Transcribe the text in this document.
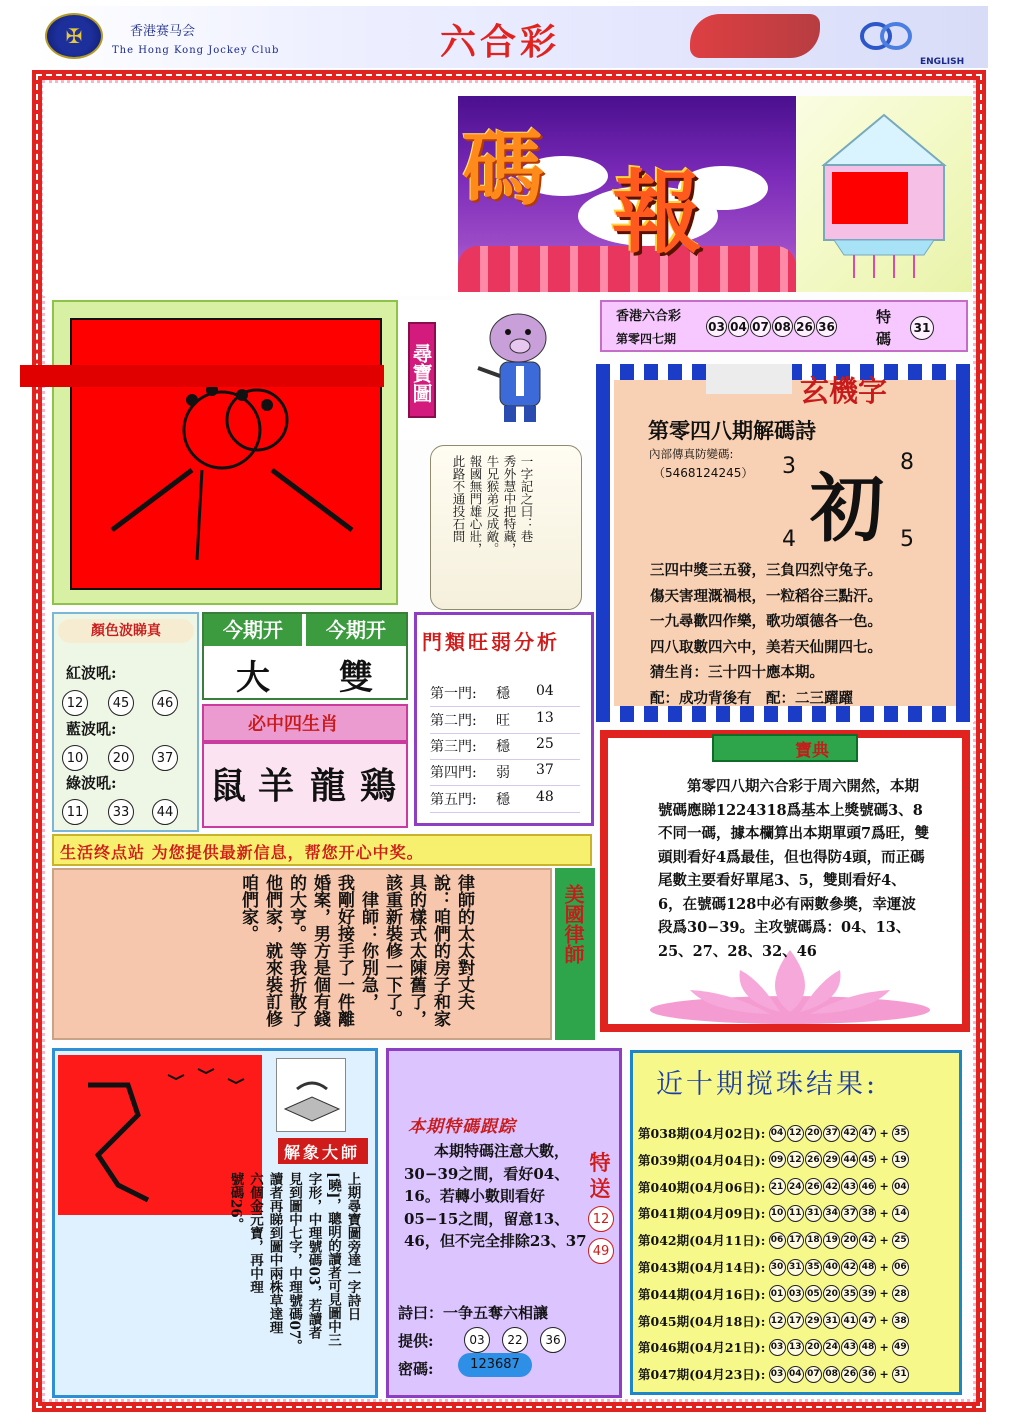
✠	香港赛马会
The Hong Kong Jockey Club	六合彩	ENGLISH
碼 報
尋寶圖
一字記之曰：巷
秀外慧中把特藏，
牛兄猴弟反成敵。
報國無門雄心壯，
此路不通投石問
香港六合彩
第零四七期
03 04 07 08 26 36
特碼
31
玄機字
第零四八期解碼詩
內部傳真防變碼:
（5468124245） 初
3	8
4	5
三四中獎三五發，三負四烈守兔子。
傷天害理溉禍根，一粒稻谷三點汗。
一九尋歡四作樂，歌功頌德各一色。
四八取數四六中，美若天仙開四七。
猜生肖：三十四十應本期。
配：成功背後有　配：二三躍躍
顏色波睇真
紅波吼:
12	45	46
藍波吼:
10	20	37
綠波吼:
11	33	44
今期开	今期开
大	雙
必中四生肖
鼠 羊 龍 鶏
門類旺弱分析
第一門:	穩	04
第二門:	旺	13
第三門:	穩	25
第四門:	弱	37
第五門:	穩	48
寶典
第零四八期六合彩于周六開然，本期號碼應睇1224318爲基本上獎號碼3、8不同一碼，據本欄算出本期單頭7爲旺，雙頭則看好4爲最佳，但也得防4頭，而正碼尾數主要看好單尾3、5，雙則看好4、6，在號碼128中必有兩數參奬，幸運波段爲30−39。主攻號碼爲：04、13、25、27、28、32、46
生活终点站 为您提供最新信息，帮您开心中奖。
美國律師
律師的太太對丈夫
說：咱們的房子和家
具的樣式太陳舊了，
該重新裝修一下了。
　律師：你別急，
我剛好接手了一件離
婚案，男方是個有錢
的大亨。等我折散了
他們家，就來裝訂修
咱們家。
解象大師
上期尋寶圖旁達一字詩日
[曉]，聰明的讀者可見圖中三
字形，中理號碼03，若讀者
見到圖中七字，中理號碼07。
讀者再睇到圖中兩株草達理
六個金元寶，再中理
號碼26。
本期特碼跟踪
本期特碼注意大數，30−39之間，看好04、16。若轉小數則看好05−15之間，留意13、46，但不完全排除23、37
特送
12
49
詩曰：一争五奪六相讓
提供:	03	22	36
密碼:	123687
近十期搅珠结果:
第038期 (04月02日): 04 12 20 37 42 47 + 35
第039期 (04月04日): 09 12 26 29 44 45 + 19
第040期 (04月06日): 21 24 26 42 43 46 + 04
第041期 (04月09日): 10 11 31 34 37 38 + 14
第042期 (04月11日): 06 17 18 19 20 42 + 25
第043期 (04月14日): 30 31 35 40 42 48 + 06
第044期 (04月16日): 01 03 05 20 35 39 + 28
第045期 (04月18日): 12 17 29 31 41 47 + 38
第046期 (04月21日): 03 13 20 24 43 48 + 49
第047期 (04月23日): 03 04 07 08 26 36 + 31
